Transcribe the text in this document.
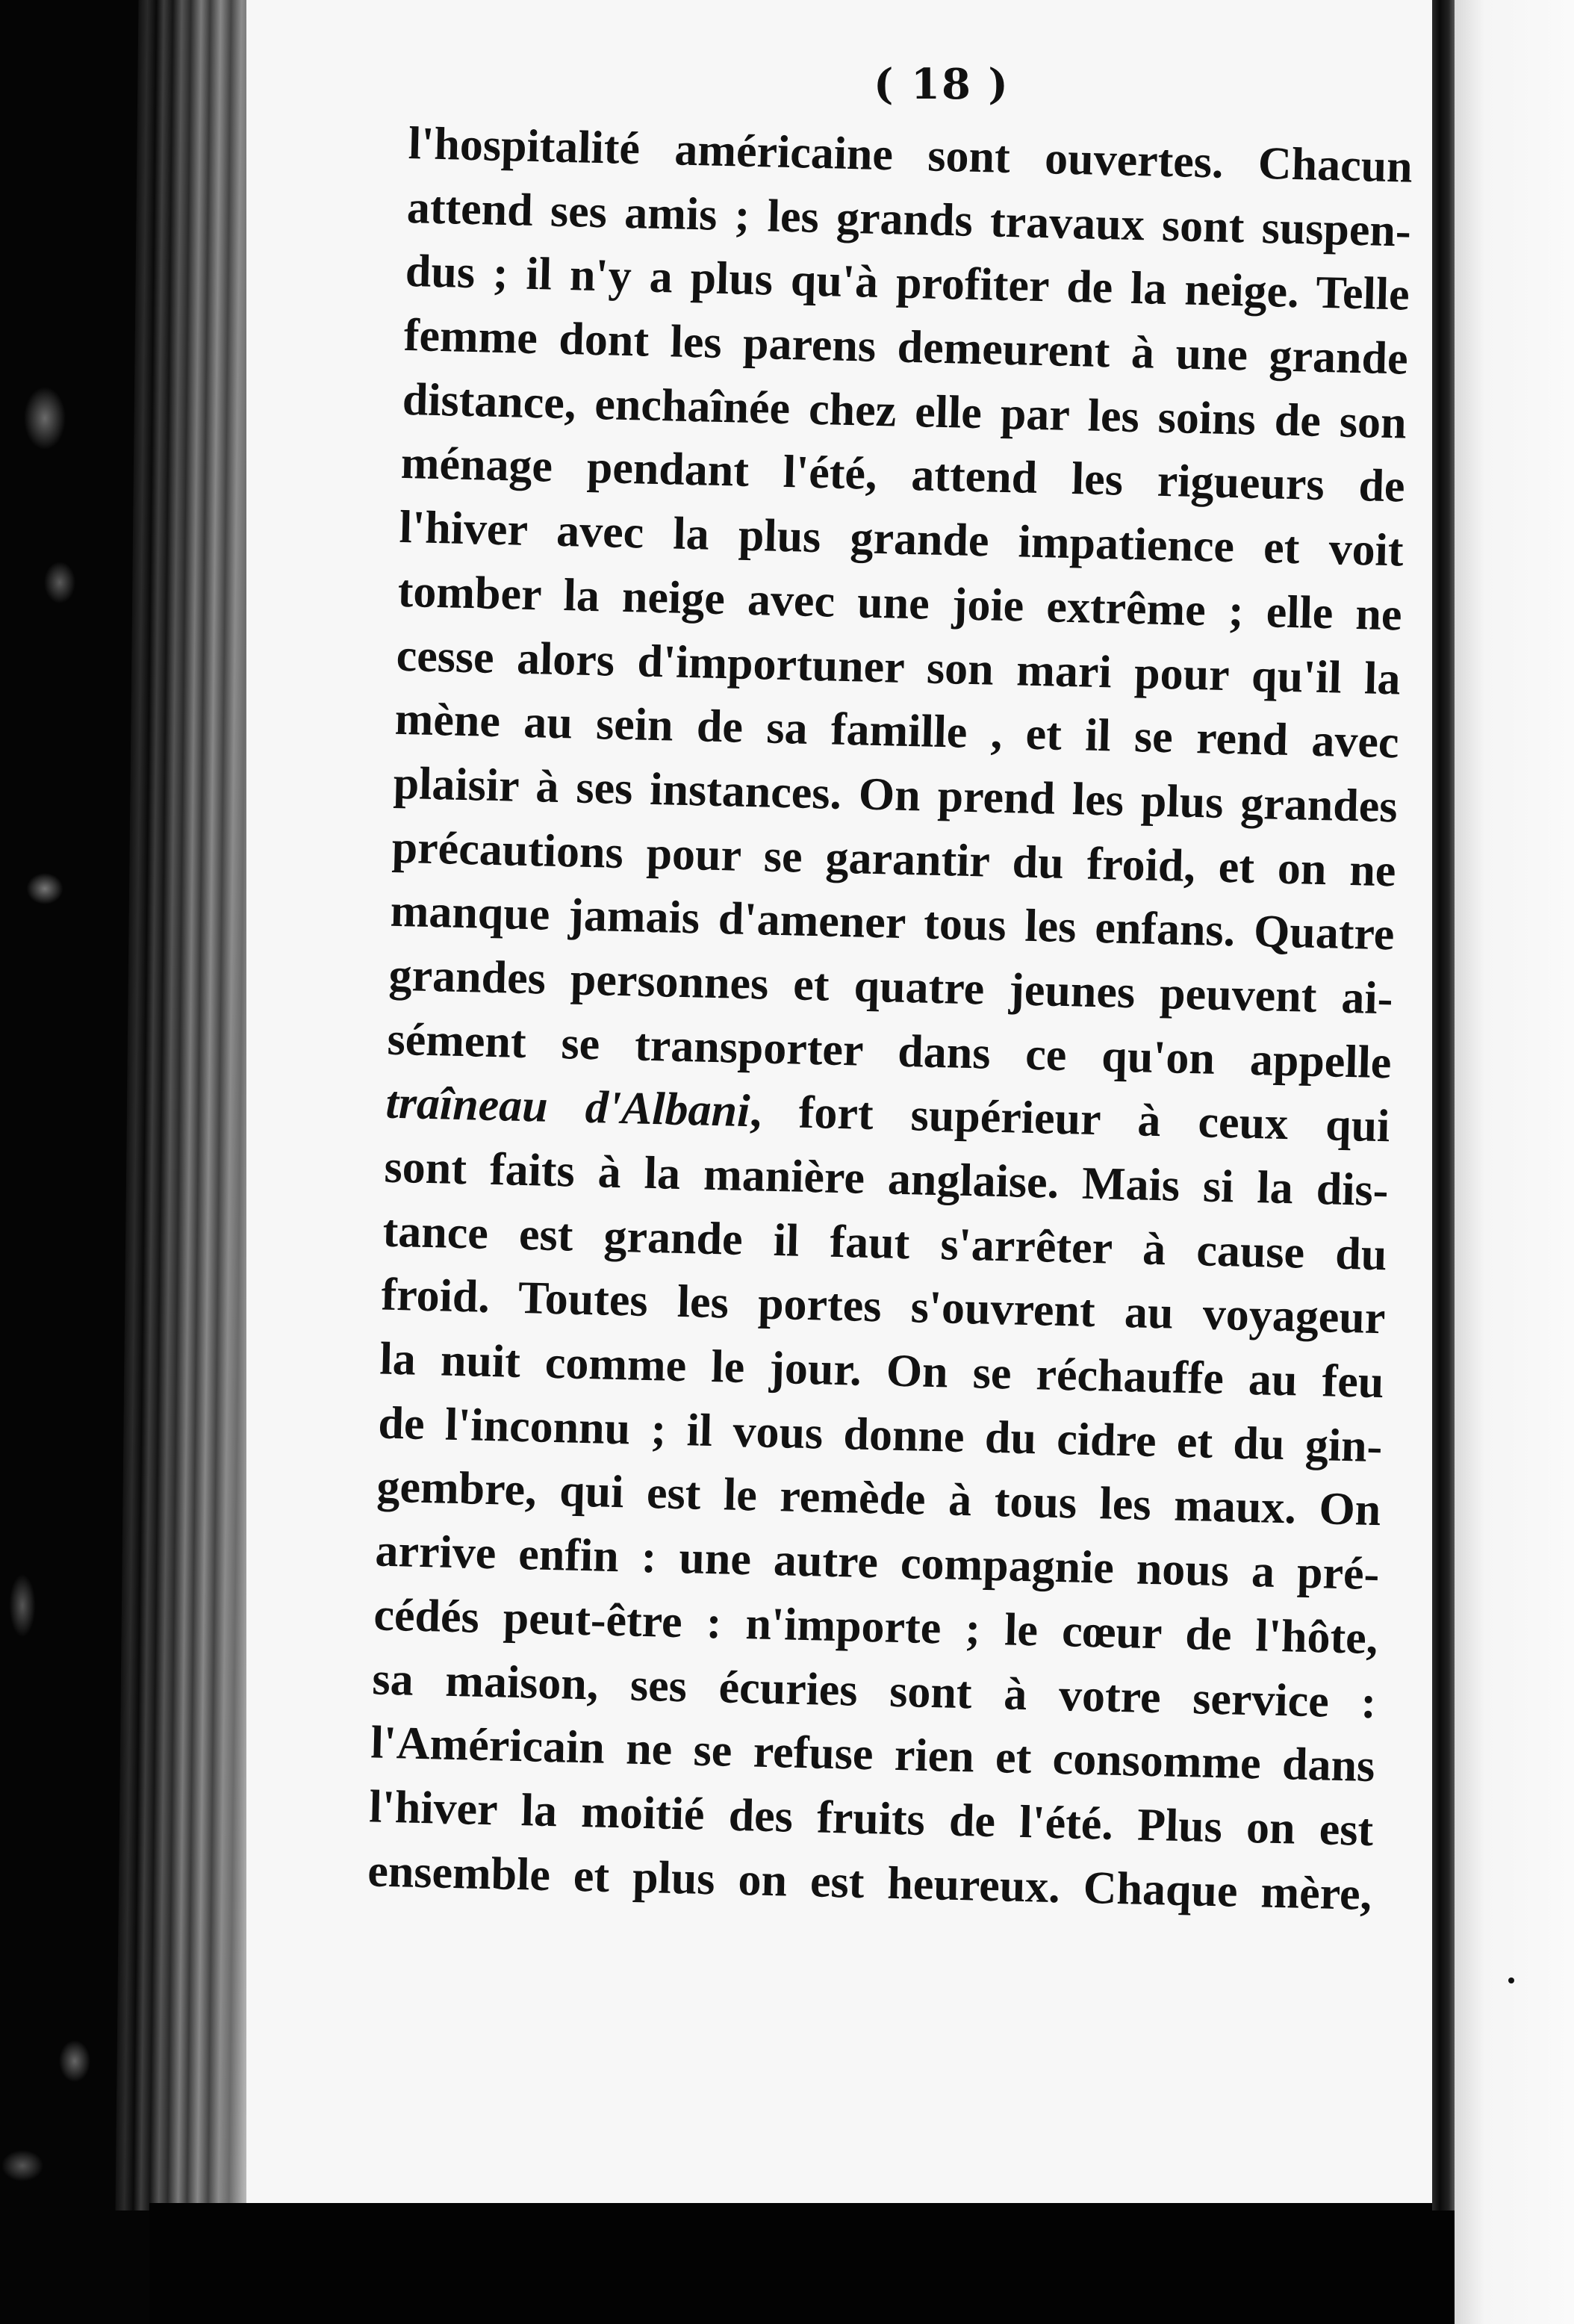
( 18 )
l'hospitalité américaine sont ouvertes. Chacun
attend ses amis ; les grands travaux sont suspen-
dus ; il n'y a plus qu'à profiter de la neige. Telle
femme dont les parens demeurent à une grande
distance, enchaînée chez elle par les soins de son
ménage pendant l'été, attend les rigueurs de
l'hiver avec la plus grande impatience et voit
tomber la neige avec une joie extrême ; elle ne
cesse alors d'importuner son mari pour qu'il la
mène au sein de sa famille , et il se rend avec
plaisir à ses instances. On prend les plus grandes
précautions pour se garantir du froid, et on ne
manque jamais d'amener tous les enfans. Quatre
grandes personnes et quatre jeunes peuvent ai-
sément se transporter dans ce qu'on appelle
traîneau d'Albani, fort supérieur à ceux qui
sont faits à la manière anglaise. Mais si la dis-
tance est grande il faut s'arrêter à cause du
froid. Toutes les portes s'ouvrent au voyageur
la nuit comme le jour. On se réchauffe au feu
de l'inconnu ; il vous donne du cidre et du gin-
gembre, qui est le remède à tous les maux. On
arrive enfin : une autre compagnie nous a pré-
cédés peut-être : n'importe ; le cœur de l'hôte,
sa maison, ses écuries sont à votre service :
l'Américain ne se refuse rien et consomme dans
l'hiver la moitié des fruits de l'été. Plus on est
ensemble et plus on est heureux. Chaque mère,
